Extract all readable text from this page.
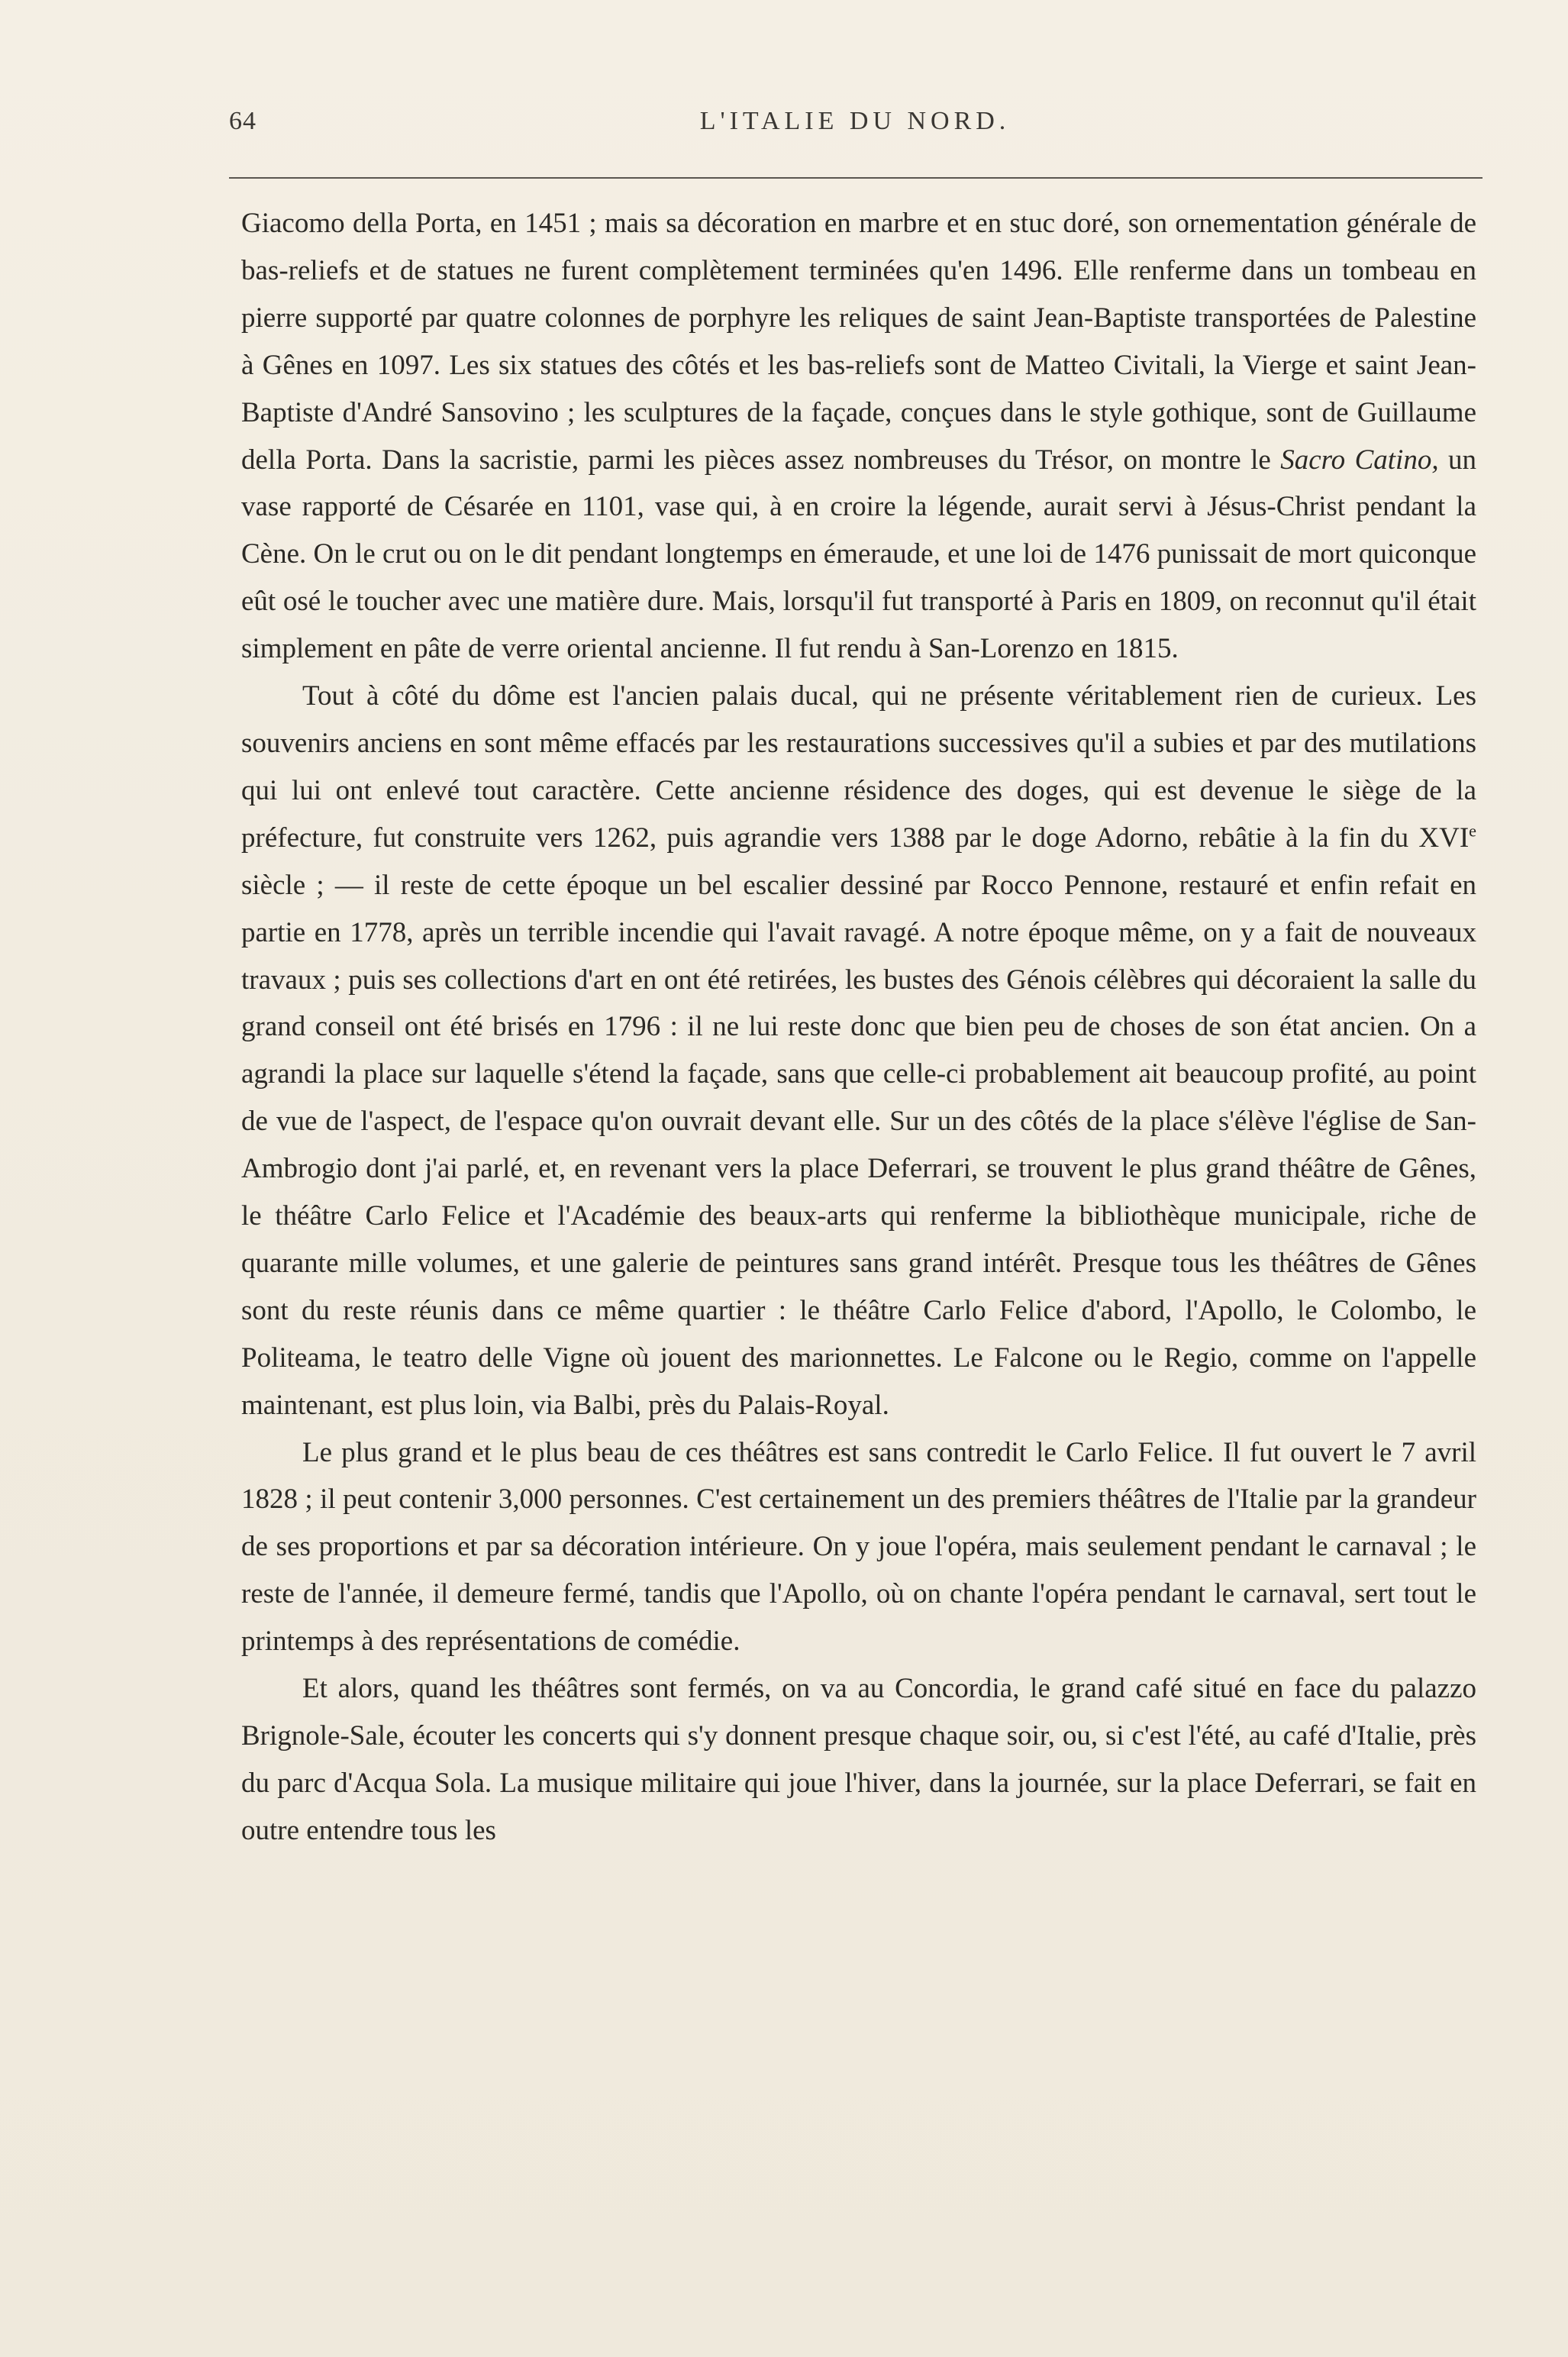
64	L'ITALIE DU NORD.

Giacomo della Porta, en 1451 ; mais sa décoration en marbre et en stuc doré, son ornementation générale de bas-reliefs et de statues ne furent complètement terminées qu'en 1496. Elle renferme dans un tombeau en pierre supporté par quatre colonnes de porphyre les reliques de saint Jean-Baptiste transportées de Palestine à Gênes en 1097. Les six statues des côtés et les bas-reliefs sont de Matteo Civitali, la Vierge et saint Jean-Baptiste d'André Sansovino ; les sculptures de la façade, conçues dans le style gothique, sont de Guillaume della Porta. Dans la sacristie, parmi les pièces assez nombreuses du Trésor, on montre le Sacro Catino, un vase rapporté de Césarée en 1101, vase qui, à en croire la légende, aurait servi à Jésus-Christ pendant la Cène. On le crut ou on le dit pendant longtemps en émeraude, et une loi de 1476 punissait de mort quiconque eût osé le toucher avec une matière dure. Mais, lorsqu'il fut transporté à Paris en 1809, on reconnut qu'il était simplement en pâte de verre oriental ancienne. Il fut rendu à San-Lorenzo en 1815.

Tout à côté du dôme est l'ancien palais ducal, qui ne présente véritablement rien de curieux. Les souvenirs anciens en sont même effacés par les restaurations successives qu'il a subies et par des mutilations qui lui ont enlevé tout caractère. Cette ancienne résidence des doges, qui est devenue le siège de la préfecture, fut construite vers 1262, puis agrandie vers 1388 par le doge Adorno, rebâtie à la fin du XVIe siècle ; — il reste de cette époque un bel escalier dessiné par Rocco Pennone, restauré et enfin refait en partie en 1778, après un terrible incendie qui l'avait ravagé. A notre époque même, on y a fait de nouveaux travaux ; puis ses collections d'art en ont été retirées, les bustes des Génois célèbres qui décoraient la salle du grand conseil ont été brisés en 1796 : il ne lui reste donc que bien peu de choses de son état ancien. On a agrandi la place sur laquelle s'étend la façade, sans que celle-ci probablement ait beaucoup profité, au point de vue de l'aspect, de l'espace qu'on ouvrait devant elle. Sur un des côtés de la place s'élève l'église de San-Ambrogio dont j'ai parlé, et, en revenant vers la place Deferrari, se trouvent le plus grand théâtre de Gênes, le théâtre Carlo Felice et l'Académie des beaux-arts qui renferme la bibliothèque municipale, riche de quarante mille volumes, et une galerie de peintures sans grand intérêt. Presque tous les théâtres de Gênes sont du reste réunis dans ce même quartier : le théâtre Carlo Felice d'abord, l'Apollo, le Colombo, le Politeama, le teatro delle Vigne où jouent des marionnettes. Le Falcone ou le Regio, comme on l'appelle maintenant, est plus loin, via Balbi, près du Palais-Royal.

Le plus grand et le plus beau de ces théâtres est sans contredit le Carlo Felice. Il fut ouvert le 7 avril 1828 ; il peut contenir 3,000 personnes. C'est certainement un des premiers théâtres de l'Italie par la grandeur de ses proportions et par sa décoration intérieure. On y joue l'opéra, mais seulement pendant le carnaval ; le reste de l'année, il demeure fermé, tandis que l'Apollo, où on chante l'opéra pendant le carnaval, sert tout le printemps à des représentations de comédie.

Et alors, quand les théâtres sont fermés, on va au Concordia, le grand café situé en face du palazzo Brignole-Sale, écouter les concerts qui s'y donnent presque chaque soir, ou, si c'est l'été, au café d'Italie, près du parc d'Acqua Sola. La musique militaire qui joue l'hiver, dans la journée, sur la place Deferrari, se fait en outre entendre tous les
